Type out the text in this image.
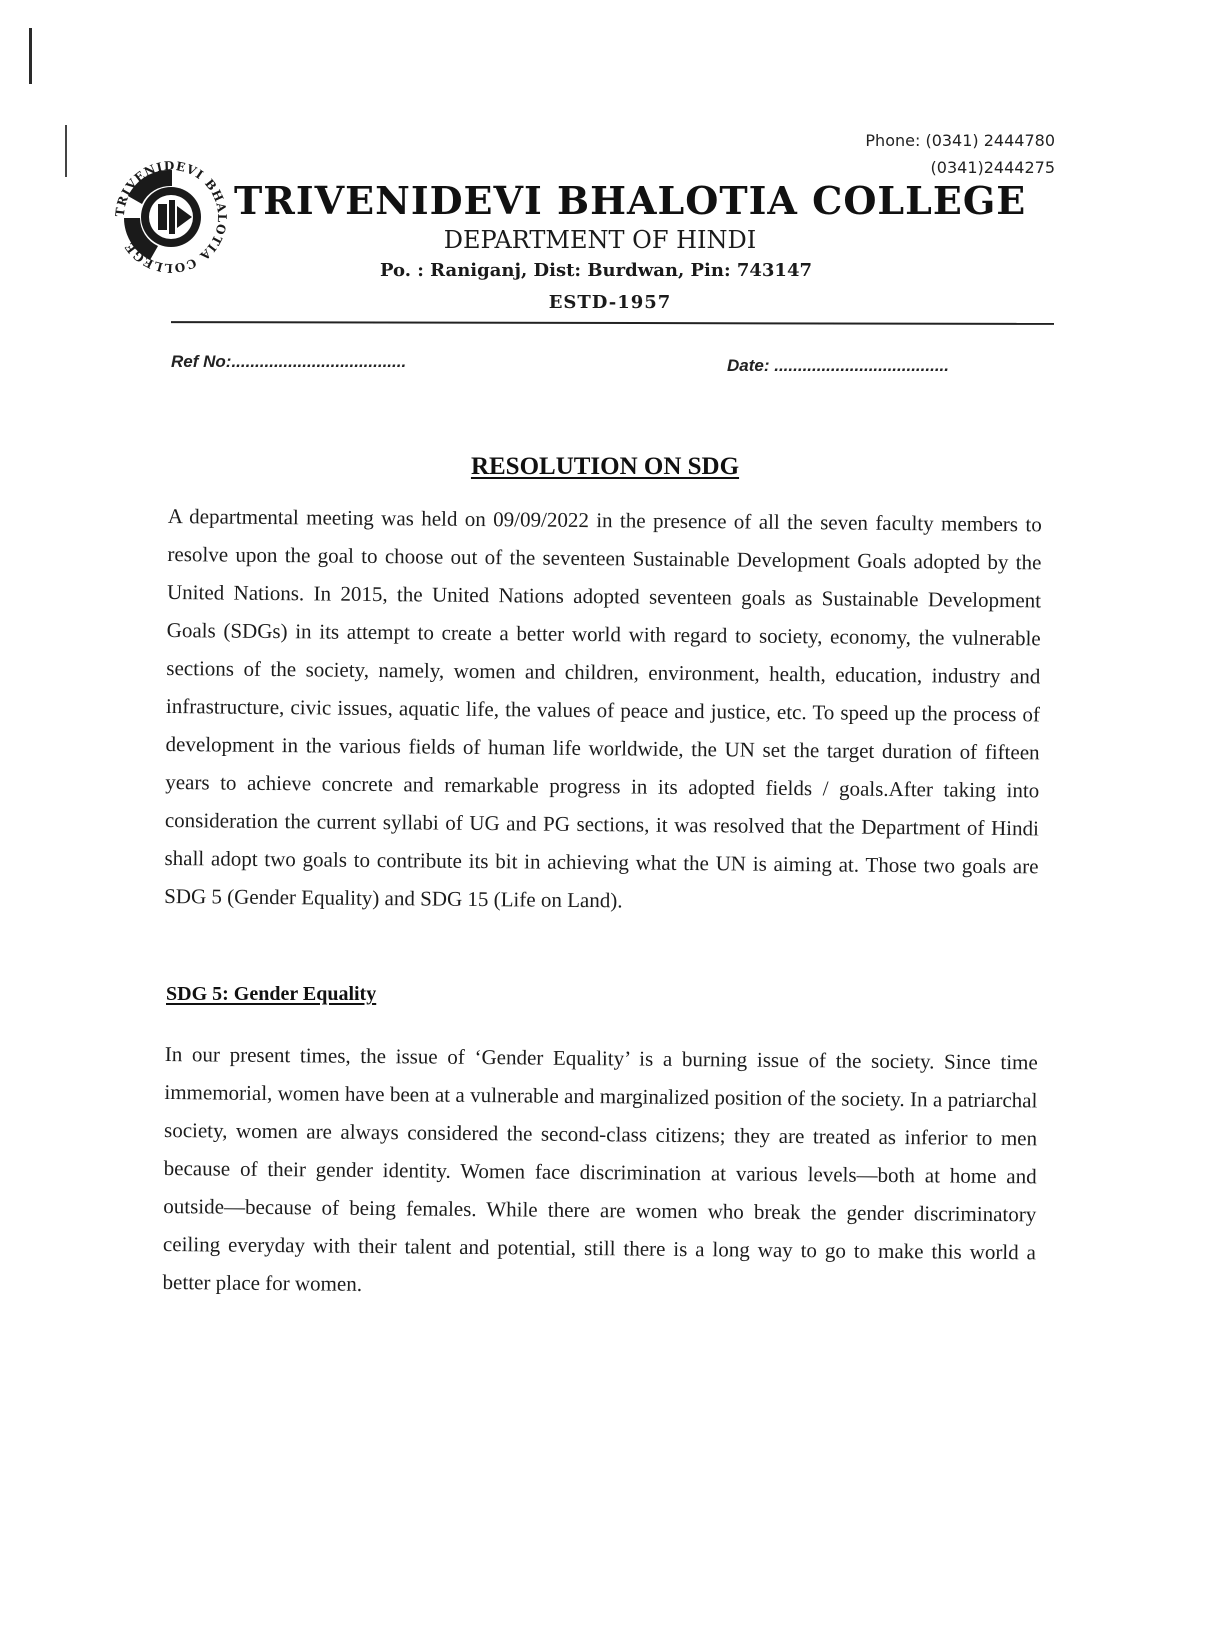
Phone: (0341) 2444780
(0341)2444275
TRIVENIDEVI BHALOTIA COLLEGE
TRIVENIDEVI BHALOTIA COLLEGE
DEPARTMENT OF HINDI
Po. : Raniganj, Dist: Burdwan, Pin: 743147
ESTD-1957
Ref No:.....................................	Date: .....................................
RESOLUTION ON SDG
A departmental meeting was held on 09/09/2022 in the presence of all the seven faculty members to resolve upon the goal to choose out of the seventeen Sustainable Development Goals adopted by the United Nations. In 2015, the United Nations adopted seventeen goals as Sustainable Development Goals (SDGs) in its attempt to create a better world with regard to society, economy, the vulnerable sections of the society, namely, women and children, environment, health, education, industry and infrastructure, civic issues, aquatic life, the values of peace and justice, etc. To speed up the process of development in the various fields of human life worldwide, the UN set the target duration of fifteen years to achieve concrete and remarkable progress in its adopted fields / goals.After taking into consideration the current syllabi of UG and PG sections, it was resolved that the Department of Hindi shall adopt two goals to contribute its bit in achieving what the UN is aiming at. Those two goals are SDG 5 (Gender Equality) and SDG 15 (Life on Land).
SDG 5: Gender Equality
In our present times, the issue of ‘Gender Equality’ is a burning issue of the society. Since time immemorial, women have been at a vulnerable and marginalized position of the society. In a patriarchal society, women are always considered the second-class citizens; they are treated as inferior to men because of their gender identity. Women face discrimination at various levels—both at home and outside—because of being females. While there are women who break the gender discriminatory ceiling everyday with their talent and potential, still there is a long way to go to make this world a better place for women.
